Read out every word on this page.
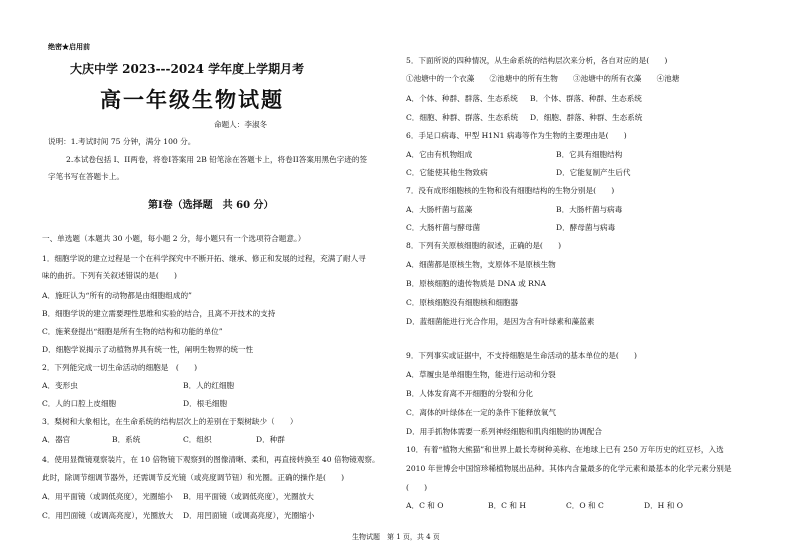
绝密★启用前
大庆中学 2023---2024 学年度上学期月考
高一年级生物试题
命题人：李淑冬
说明：1.考试时间 75 分钟，满分 100 分。
2.本试卷包括 I、II两卷，将卷I答案用 2B 铅笔涂在答题卡上，将卷II答案用黑色字迹的签
字笔书写在答题卡上。
第Ⅰ卷（选择题　共 60 分）
一、单选题（本题共 30 小题，每小题 2 分，每小题只有一个选项符合题意。）
1．细胞学说的建立过程是一个在科学探究中不断开拓、继承、修正和发展的过程，充满了耐人寻
味的曲折。下列有关叙述错误的是(　　)
A．施旺认为“所有的动物都是由细胞组成的”
B．细胞学说的建立需要理性思维和实验的结合，且离不开技术的支持
C．施莱登提出“细胞是所有生物的结构和功能的单位”
D．细胞学说揭示了动植物界具有统一性，阐明生物界的统一性
2．下列能完成一切生命活动的细胞是　(　　)
A．变形虫	B．人的红细胞
C．人的口腔上皮细胞	D．根毛细胞
3．梨树和大象相比，在生命系统的结构层次上的差别在于梨树缺少（　　）
A．器官	B．系统	C．组织	D．种群
4．使用显微镜观察装片，在 10 倍物镜下观察到的图像清晰、柔和，再直接转换至 40 倍物镜观察。
此时，除调节细调节器外，还需调节反光镜（或亮度调节钮）和光圈。正确的操作是(　　)
A．用平面镜（或调低亮度），光圈缩小 B．用平面镜（或调低亮度），光圈放大
C．用凹面镜（或调高亮度），光圈放大 D．用凹面镜（或调高亮度），光圈缩小
5．下面所说的四种情况，从生命系统的结构层次来分析，各自对应的是(　　)
①池塘中的一个衣藻　　②池塘中的所有生物　　③池塘中的所有衣藻　　④池塘
A．个体、种群、群落、生态系统 B．个体、群落、种群、生态系统
C．细胞、种群、群落、生态系统 D．细胞、群落、种群、生态系统
6．手足口病毒、甲型 H1N1 病毒等作为生物的主要理由是(　　)
A．它由有机物组成	B．它具有细胞结构
C．它能使其他生物致病	D．它能复制产生后代
7．没有成形细胞核的生物和没有细胞结构的生物分别是(　　)
A．大肠杆菌与蓝藻	B．大肠杆菌与病毒
C．大肠杆菌与酵母菌	D．酵母菌与病毒
8．下列有关原核细胞的叙述，正确的是(　　)
A．细菌都是原核生物，支原体不是原核生物
B．原核细胞的遗传物质是 DNA 或 RNA
C．原核细胞没有细胞核和细胞器
D．蓝细菌能进行光合作用，是因为含有叶绿素和藻蓝素
9．下列事实或证据中，不支持细胞是生命活动的基本单位的是(　　)
A．草履虫是单细胞生物，能进行运动和分裂
B．人体发育离不开细胞的分裂和分化
C．离体的叶绿体在一定的条件下能释放氧气
D．用手抓物体需要一系列神经细胞和肌肉细胞的协调配合
10．有着“植物大熊猫”和世界上最长寿树种美称、在地球上已有 250 万年历史的红豆杉，入选
2010 年世博会中国馆珍稀植物展出品种。其体内含量最多的化学元素和最基本的化学元素分别是
(　　)
A．C 和 O	B．C 和 H	C．O 和 C	D．H 和 O
生物试题　第 1 页，共 4 页
